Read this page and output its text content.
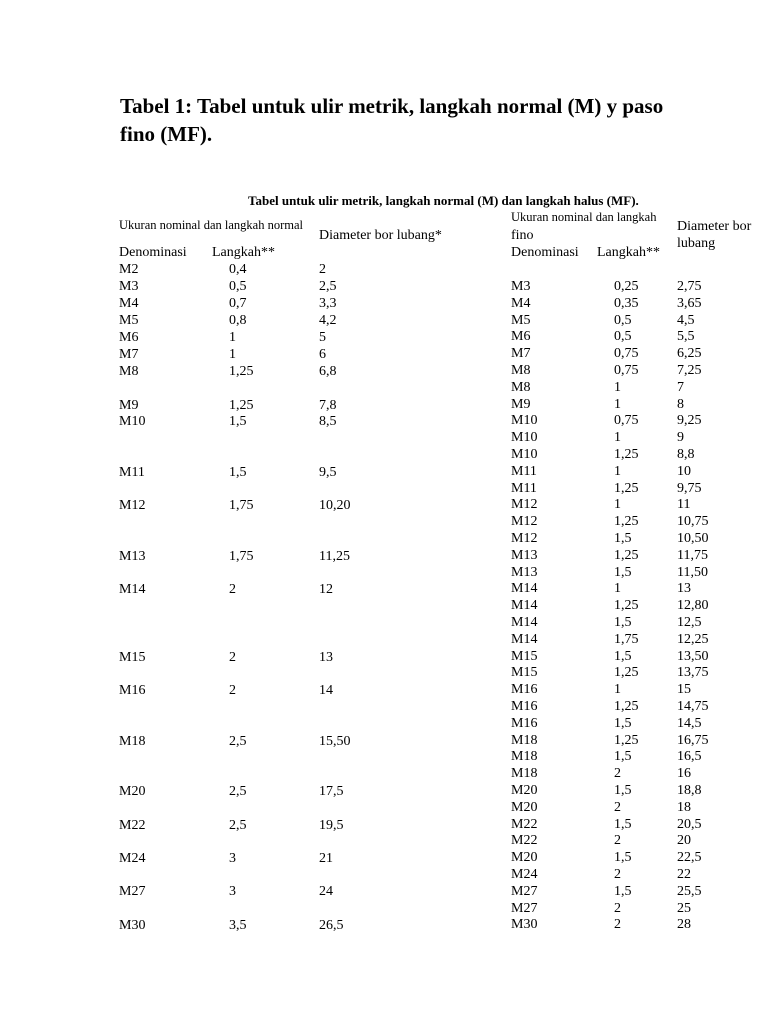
Tabel 1: Tabel untuk ulir metrik, langkah normal (M) y paso fino (MF).
Tabel untuk ulir metrik, langkah normal (M) dan langkah halus (MF).
Ukuran nominal dan langkah normal
Diameter bor lubang*
Denominasi Langkah**
Ukuran nominal dan langkah
fino
Diameter bor
lubang
Denominasi Langkah**
M2	0,4	2
M3	0,5	2,5
M4	0,7	3,3
M5	0,8	4,2
M6	1	5
M7	1	6
M8	1,25	6,8
M9	1,25	7,8
M10	1,5	8,5
M11	1,5	9,5
M12	1,75	10,20
M13	1,75	11,25
M14	2	12
M15	2	13
M16	2	14
M18	2,5	15,50
M20	2,5	17,5
M22	2,5	19,5
M24	3	21
M27	3	24
M30	3,5	26,5
M3	0,25	2,75
M4	0,35	3,65
M5	0,5	4,5
M6	0,5	5,5
M7	0,75	6,25
M8	0,75	7,25
M8	1	7
M9	1	8
M10	0,75	9,25
M10	1	9
M10	1,25	8,8
M11	1	10
M11	1,25	9,75
M12	1	11
M12	1,25	10,75
M12	1,5	10,50
M13	1,25	11,75
M13	1,5	11,50
M14	1	13
M14	1,25	12,80
M14	1,5	12,5
M14	1,75	12,25
M15	1,5	13,50
M15	1,25	13,75
M16	1	15
M16	1,25	14,75
M16	1,5	14,5
M18	1,25	16,75
M18	1,5	16,5
M18	2	16
M20	1,5	18,8
M20	2	18
M22	1,5	20,5
M22	2	20
M20	1,5	22,5
M24	2	22
M27	1,5	25,5
M27	2	25
M30	2	28
